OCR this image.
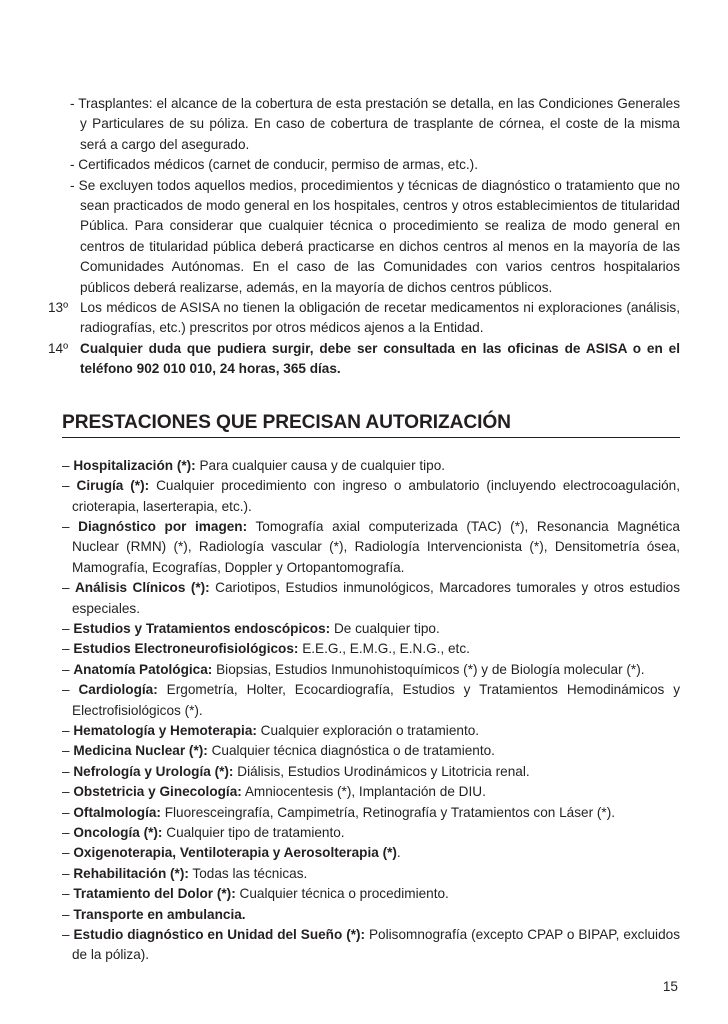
- Trasplantes: el alcance de la cobertura de esta prestación se detalla, en las Condiciones Generales y Particulares de su póliza. En caso de cobertura de trasplante de córnea, el coste de la misma será a cargo del asegurado.

- Certificados médicos (carnet de conducir, permiso de armas, etc.).

- Se excluyen todos aquellos medios, procedimientos y técnicas de diagnóstico o tratamiento que no sean practicados de modo general en los hospitales, centros y otros establecimientos de titularidad Pública. Para considerar que cualquier técnica o procedimiento se realiza de modo general en centros de titularidad pública deberá practicarse en dichos centros al menos en la mayoría de las Comunidades Autónomas. En el caso de las Comunidades con varios centros hospitalarios públicos deberá realizarse, además, en la mayoría de dichos centros públicos.

13º Los médicos de ASISA no tienen la obligación de recetar medicamentos ni exploraciones (análisis, radiografías, etc.) prescritos por otros médicos ajenos a la Entidad.
14º Cualquier duda que pudiera surgir, debe ser consultada en las oficinas de ASISA o en el teléfono 902 010 010, 24 horas, 365 días.
PRESTACIONES QUE PRECISAN AUTORIZACIÓN

– Hospitalización (*): Para cualquier causa y de cualquier tipo.

– Cirugía (*): Cualquier procedimiento con ingreso o ambulatorio (incluyendo electrocoagulación, crioterapia, laserterapia, etc.).

– Diagnóstico por imagen: Tomografía axial computerizada (TAC) (*), Resonancia Magnética Nuclear (RMN) (*), Radiología vascular (*), Radiología Intervencionista (*), Densitometría ósea, Mamografía, Ecografías, Doppler y Ortopantomografía.

– Análisis Clínicos (*): Cariotipos, Estudios inmunológicos, Marcadores tumorales y otros estudios especiales.

– Estudios y Tratamientos endoscópicos: De cualquier tipo.

– Estudios Electroneurofisiológicos: E.E.G., E.M.G., E.N.G., etc.

– Anatomía Patológica: Biopsias, Estudios Inmunohistoquímicos (*) y de Biología molecular (*).

– Cardiología: Ergometría, Holter, Ecocardiografía, Estudios y Tratamientos Hemodinámicos y Electrofisiológicos (*).

– Hematología y Hemoterapia: Cualquier exploración o tratamiento.

– Medicina Nuclear (*): Cualquier técnica diagnóstica o de tratamiento.

– Nefrología y Urología (*): Diálisis, Estudios Urodinámicos y Litotricia renal.

– Obstetricia y Ginecología: Amniocentesis (*), Implantación de DIU.

– Oftalmología: Fluoresceingrafía, Campimetría, Retinografía y Tratamientos con Láser (*).

– Oncología (*): Cualquier tipo de tratamiento.

– Oxigenoterapia, Ventiloterapia y Aerosolterapia (*).

– Rehabilitación (*): Todas las técnicas.

– Tratamiento del Dolor (*): Cualquier técnica o procedimiento.

– Transporte en ambulancia.

– Estudio diagnóstico en Unidad del Sueño (*): Polisomnografía (excepto CPAP o BIPAP, excluidos de la póliza).

15
